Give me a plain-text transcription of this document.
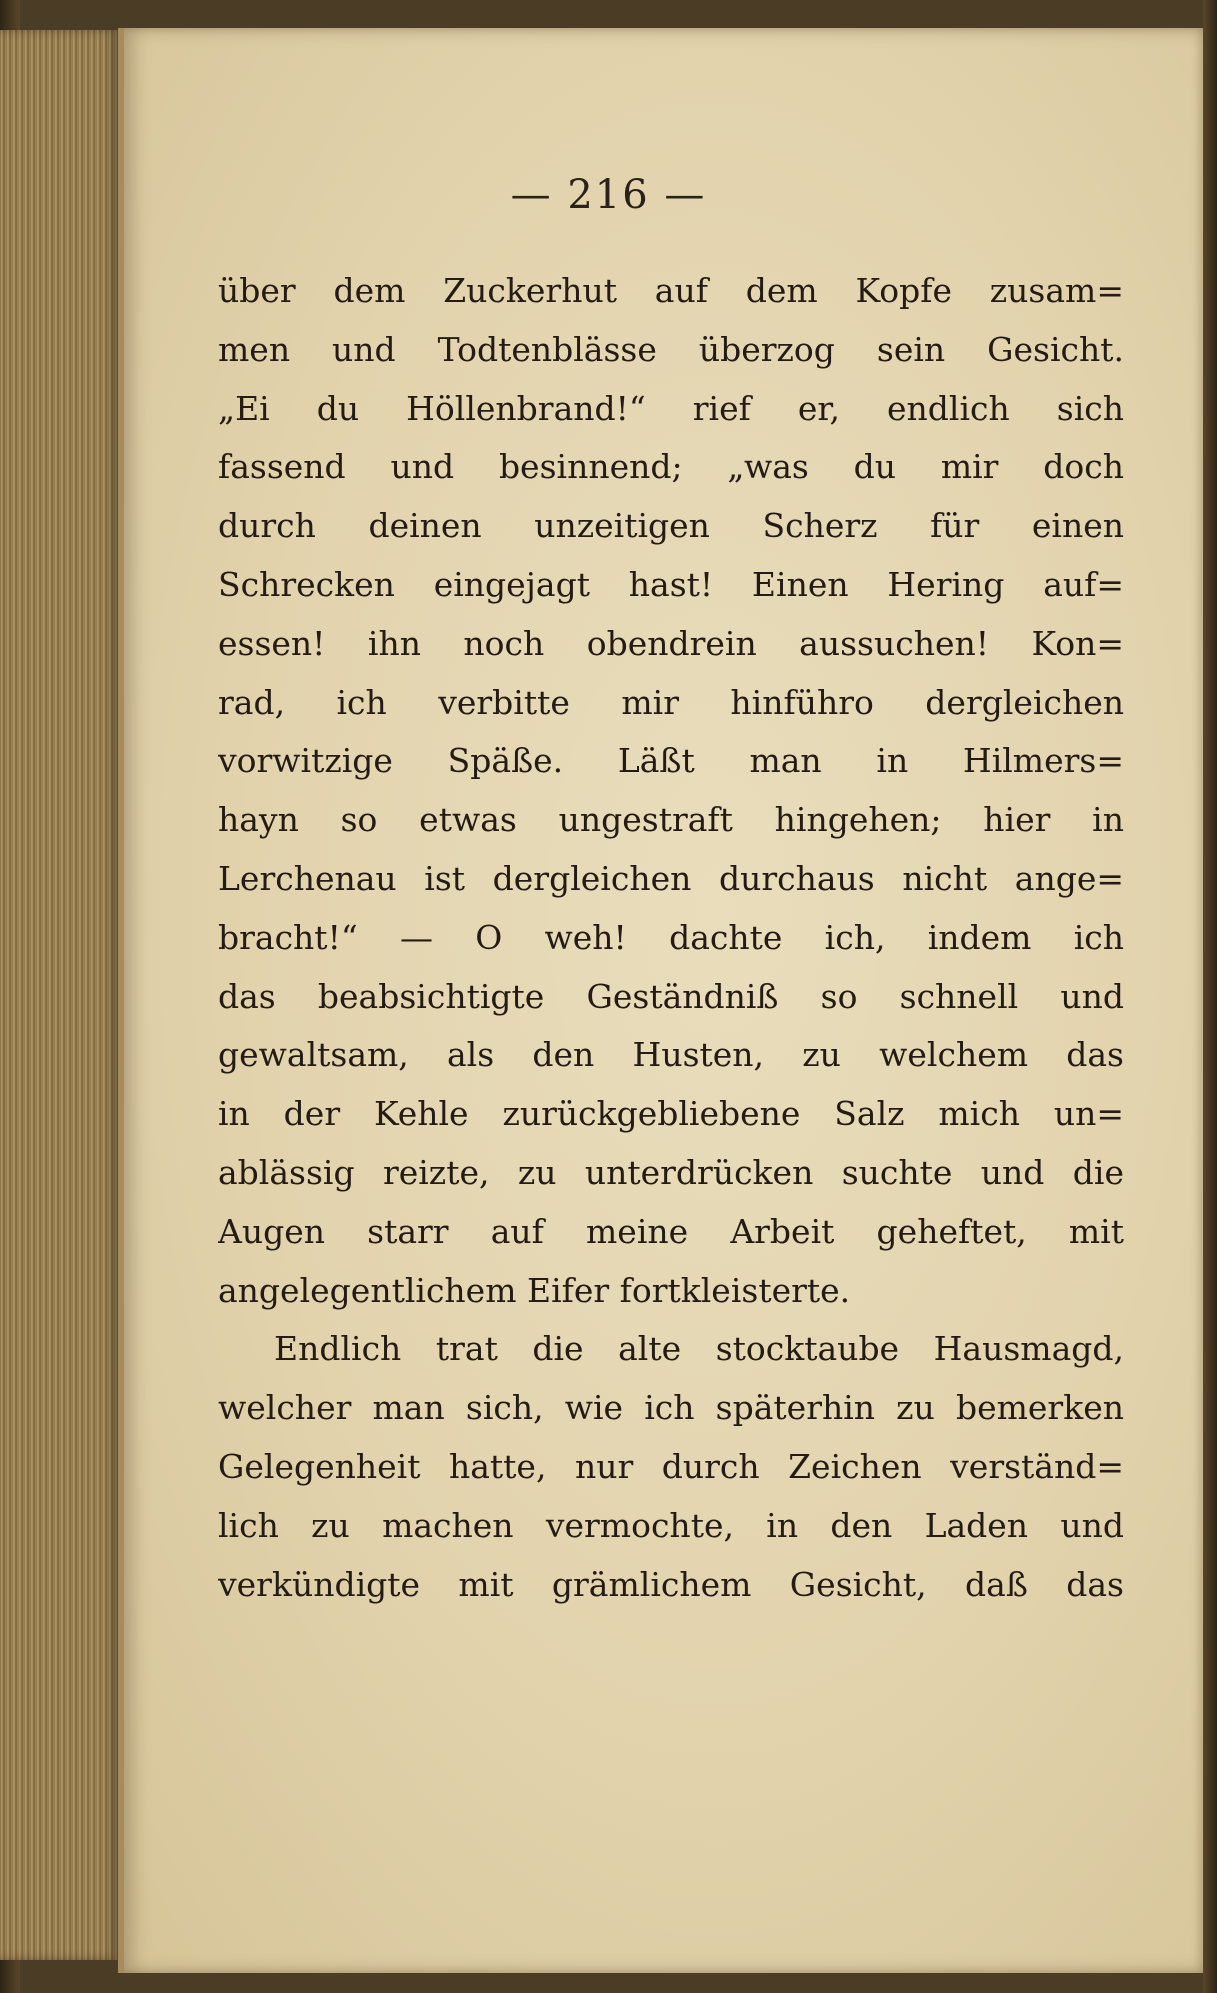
— 216 —
über dem Zuckerhut auf dem Kopfe zusam=
men und Todtenblässe überzog sein Gesicht.
„Ei du Höllenbrand!“ rief er, endlich sich
fassend und besinnend; „was du mir doch
durch deinen unzeitigen Scherz für einen
Schrecken eingejagt hast! Einen Hering auf=
essen! ihn noch obendrein aussuchen! Kon=
rad, ich verbitte mir hinführo dergleichen
vorwitzige Späße. Läßt man in Hilmers=
hayn so etwas ungestraft hingehen; hier in
Lerchenau ist dergleichen durchaus nicht ange=
bracht!“ — O weh! dachte ich, indem ich
das beabsichtigte Geständniß so schnell und
gewaltsam, als den Husten, zu welchem das
in der Kehle zurückgebliebene Salz mich un=
ablässig reizte, zu unterdrücken suchte und die
Augen starr auf meine Arbeit geheftet, mit
angelegentlichem Eifer fortkleisterte.
Endlich trat die alte stocktaube Hausmagd,
welcher man sich, wie ich späterhin zu bemerken
Gelegenheit hatte, nur durch Zeichen verständ=
lich zu machen vermochte, in den Laden und
verkündigte mit grämlichem Gesicht, daß das
